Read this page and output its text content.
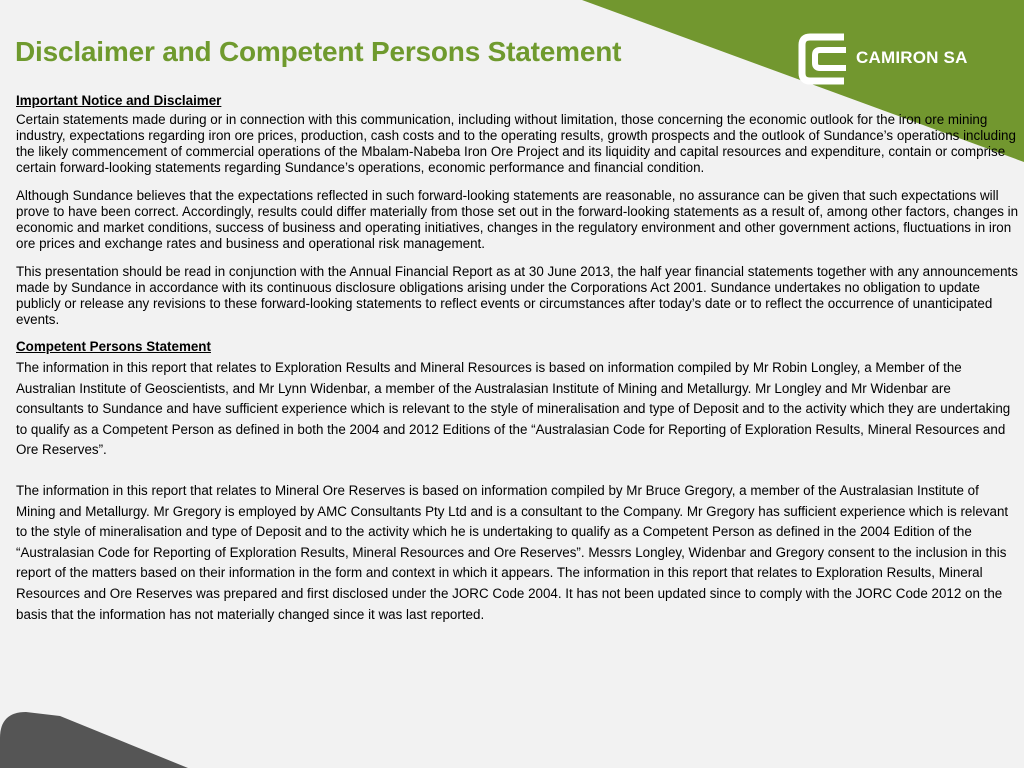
Disclaimer and Competent Persons Statement	CAMIRON SA
Important Notice and Disclaimer

Certain statements made during or in connection with this communication, including without limitation, those concerning the economic outlook for the iron ore mining industry, expectations regarding iron ore prices, production, cash costs and to the operating results, growth prospects and the outlook of Sundance’s operations including the likely commencement of commercial operations of the Mbalam-Nabeba Iron Ore Project and its liquidity and capital resources and expenditure, contain or comprise certain forward-looking statements regarding Sundance’s operations, economic performance and financial condition.

Although Sundance believes that the expectations reflected in such forward-looking statements are reasonable, no assurance can be given that such expectations will prove to have been correct. Accordingly, results could differ materially from those set out in the forward-looking statements as a result of, among other factors, changes in economic and market conditions, success of business and operating initiatives, changes in the regulatory environment and other government actions, fluctuations in iron ore prices and exchange rates and business and operational risk management.

This presentation should be read in conjunction with the Annual Financial Report as at 30 June 2013, the half year financial statements together with any announcements made by Sundance in accordance with its continuous disclosure obligations arising under the Corporations Act 2001. Sundance undertakes no obligation to update publicly or release any revisions to these forward-looking statements to reflect events or circumstances after today’s date or to reflect the occurrence of unanticipated events.

Competent Persons Statement

The information in this report that relates to Exploration Results and Mineral Resources is based on information compiled by Mr Robin Longley, a Member of the Australian Institute of Geoscientists, and Mr Lynn Widenbar, a member of the Australasian Institute of Mining and Metallurgy. Mr Longley and Mr Widenbar are consultants to Sundance and have sufficient experience which is relevant to the style of mineralisation and type of Deposit and to the activity which they are undertaking to qualify as a Competent Person as defined in both the 2004 and 2012 Editions of the “Australasian Code for Reporting of Exploration Results, Mineral Resources and Ore Reserves”.

The information in this report that relates to Mineral Ore Reserves is based on information compiled by Mr Bruce Gregory, a member of the Australasian Institute of Mining and Metallurgy. Mr Gregory is employed by AMC Consultants Pty Ltd and is a consultant to the Company. Mr Gregory has sufficient experience which is relevant to the style of mineralisation and type of Deposit and to the activity which he is undertaking to qualify as a Competent Person as defined in the 2004 Edition of the “Australasian Code for Reporting of Exploration Results, Mineral Resources and Ore Reserves”. Messrs Longley, Widenbar and Gregory consent to the inclusion in this report of the matters based on their information in the form and context in which it appears. The information in this report that relates to Exploration Results, Mineral Resources and Ore Reserves was prepared and first disclosed under the JORC Code 2004. It has not been updated since to comply with the JORC Code 2012 on the basis that the information has not materially changed since it was last reported.
